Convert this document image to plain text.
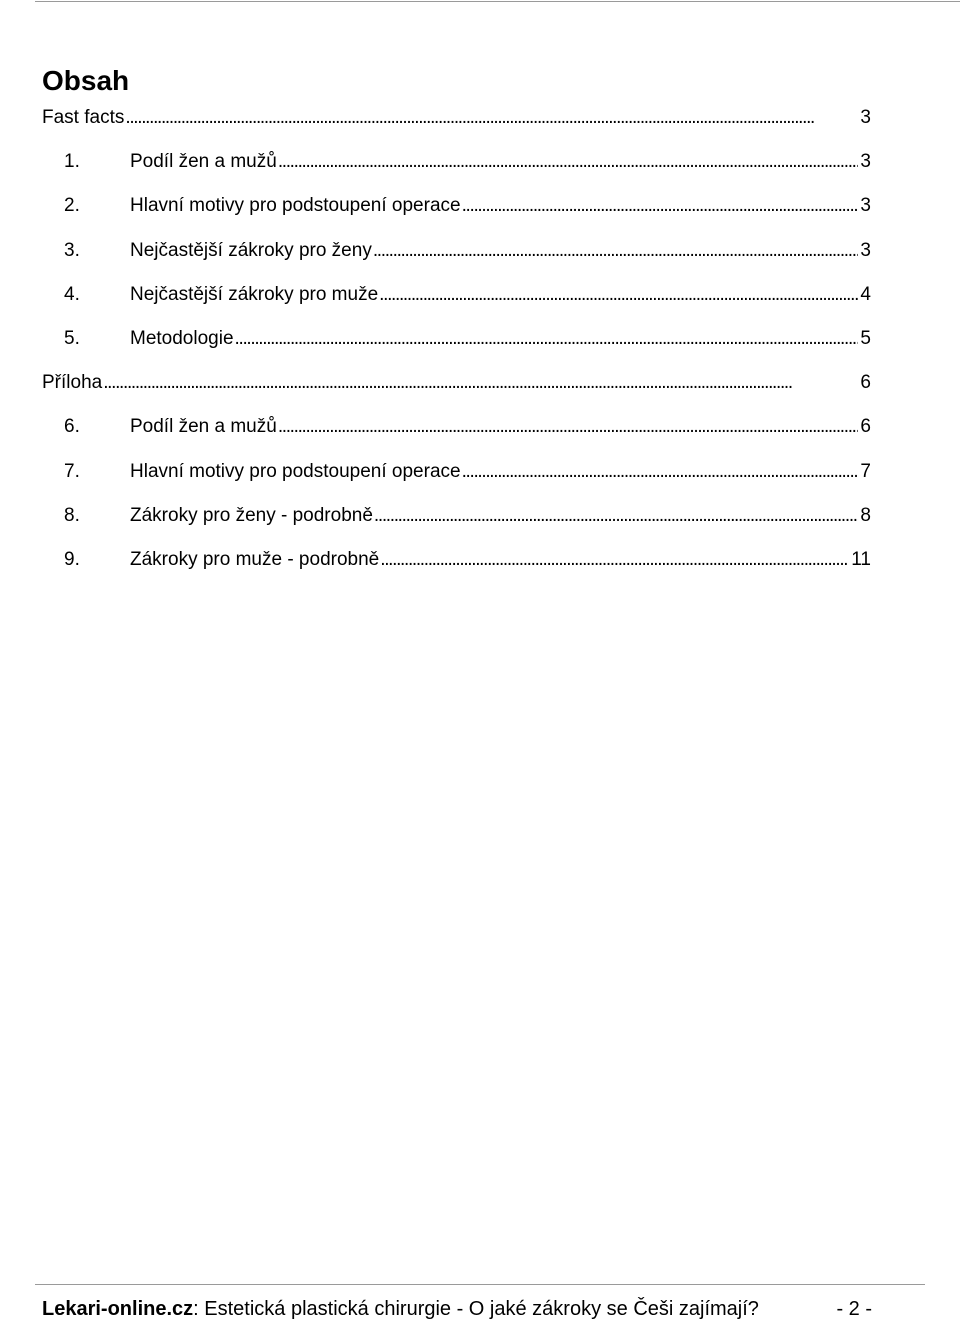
Obsah
Fast facts . . .	3
1.	Podíl žen a mužů . . .	3
2.	Hlavní motivy pro podstoupení operace . . .	3
3.	Nejčastější zákroky pro ženy . . .	3
4.	Nejčastější zákroky pro muže . . .	4
5.	Metodologie . . .	5
Příloha . . .	6
6.	Podíl žen a mužů . . .	6
7.	Hlavní motivy pro podstoupení operace . . .	7
8.	Zákroky pro ženy - podrobně . . .	8
9.	Zákroky pro muže - podrobně . . .	11
Lekari-online.cz: Estetická plastická chirurgie - O jaké zákroky se Češi zajímají?	- 2 -
